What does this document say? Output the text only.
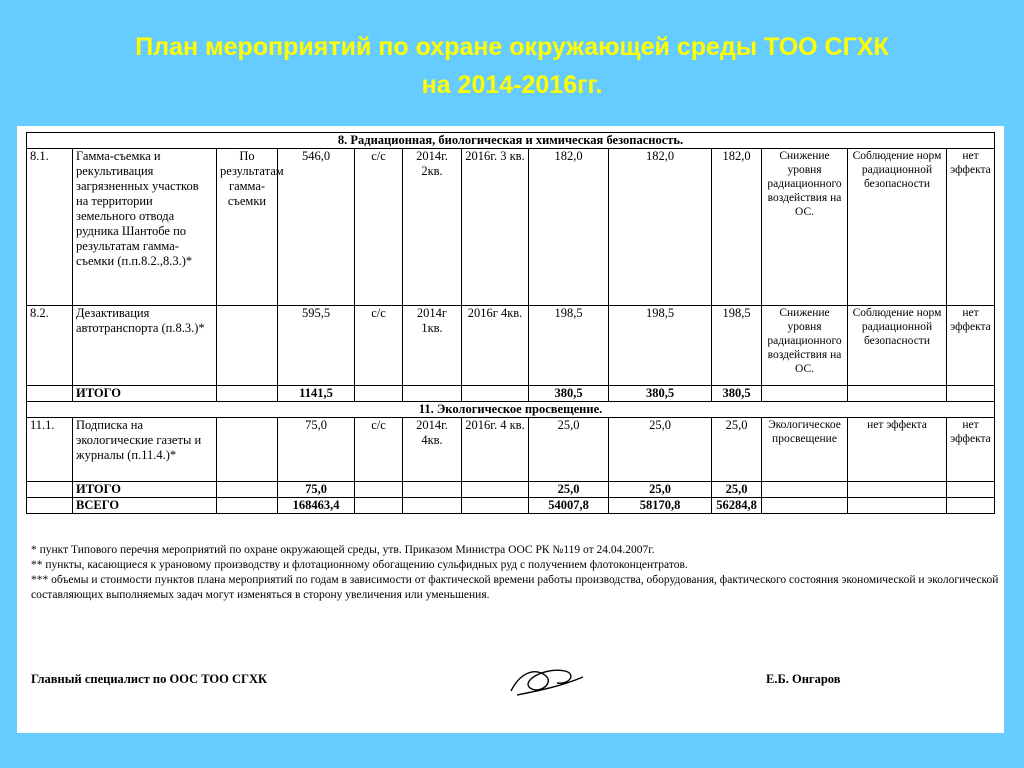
План мероприятий по охране окружающей среды ТОО СГХК
на 2014-2016гг.
8. Радиационная, биологическая и химическая безопасность.												
8.1.	Гамма-съемка и рекультивация загрязненных участков на территории земельного отвода рудника Шантобе по результатам гамма-съемки (п.п.8.2.,8.3.)*	По результатам гамма-съемки	546,0	с/с	2014г. 2кв.	2016г. 3 кв.	182,0	182,0	182,0	Снижение уровня радиационного воздействия на ОС.	Соблюдение норм радиационной безопасности	нет эффекта
8.2.	Дезактивация автотранспорта (п.8.3.)*		595,5	с/с	2014г 1кв.	2016г 4кв.	198,5	198,5	198,5	Снижение уровня радиационного воздействия на ОС.	Соблюдение норм радиационной безопасности	нет эффекта
	ИТОГО		1141,5				380,5	380,5	380,5			
11. Экологическое просвещение.												
11.1.	Подписка на экологические газеты и журналы (п.11.4.)*		75,0	с/с	2014г. 4кв.	2016г. 4 кв.	25,0	25,0	25,0	Экологическое просвещение	нет эффекта	нет эффекта
	ИТОГО		75,0				25,0	25,0	25,0			
	ВСЕГО		168463,4				54007,8	58170,8	56284,8			
* пункт Типового перечня мероприятий по охране окружающей среды, утв. Приказом Министра ООС РК №119 от 24.04.2007г.
** пункты, касающиеся к урановому производству и флотационному обогащению сульфидных руд с получением флотоконцентратов.
*** объемы и стоимости пунктов плана мероприятий по годам в зависимости от фактической времени работы производства, оборудования, фактического состояния экономической и экологической составляющих выполняемых задач могут изменяться в сторону увеличения или уменьшения.
Главный специалист по ООС ТОО СГХК	Е.Б. Онгаров
